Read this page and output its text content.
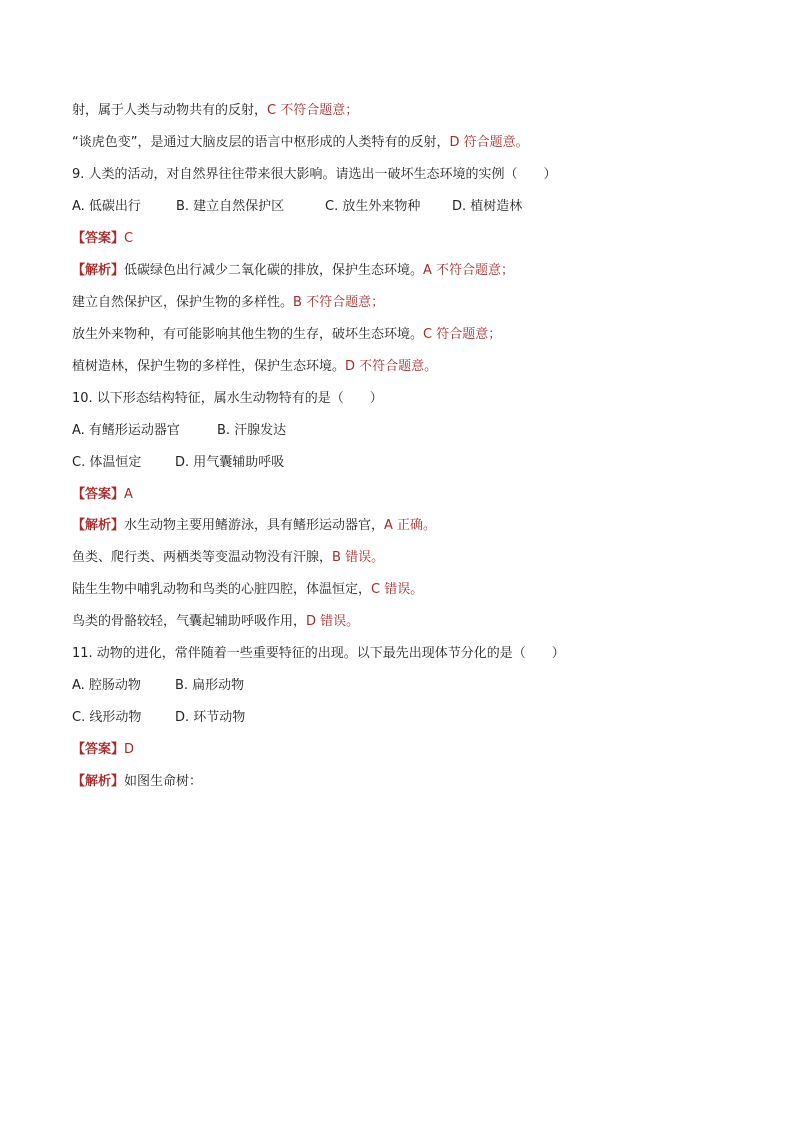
射，属于人类与动物共有的反射，C 不符合题意；
“谈虎色变”，是通过大脑皮层的语言中枢形成的人类特有的反射，D 符合题意。
9. 人类的活动，对自然界往往带来很大影响。请选出一破坏生态环境的实例（　　）
A. 低碳出行	B. 建立自然保护区	C. 放生外来物种 D. 植树造林
【答案】C
【解析】低碳绿色出行减少二氧化碳的排放，保护生态环境。A 不符合题意；
建立自然保护区，保护生物的多样性。B 不符合题意；
放生外来物种，有可能影响其他生物的生存，破坏生态环境。C 符合题意；
植树造林，保护生物的多样性，保护生态环境。D 不符合题意。
10. 以下形态结构特征，属水生动物特有的是（　　）
A. 有鳍形运动器官	B. 汗腺发达
C. 体温恒定	D. 用气囊辅助呼吸
【答案】A
【解析】水生动物主要用鳍游泳，具有鳍形运动器官，A 正确。
鱼类、爬行类、两栖类等变温动物没有汗腺，B 错误。
陆生生物中哺乳动物和鸟类的心脏四腔，体温恒定，C 错误。
鸟类的骨骼较轻，气囊起辅助呼吸作用，D 错误。
11. 动物的进化，常伴随着一些重要特征的出现。以下最先出现体节分化的是（　　）
A. 腔肠动物	B. 扁形动物
C. 线形动物	D. 环节动物
【答案】D
【解析】如图生命树：
